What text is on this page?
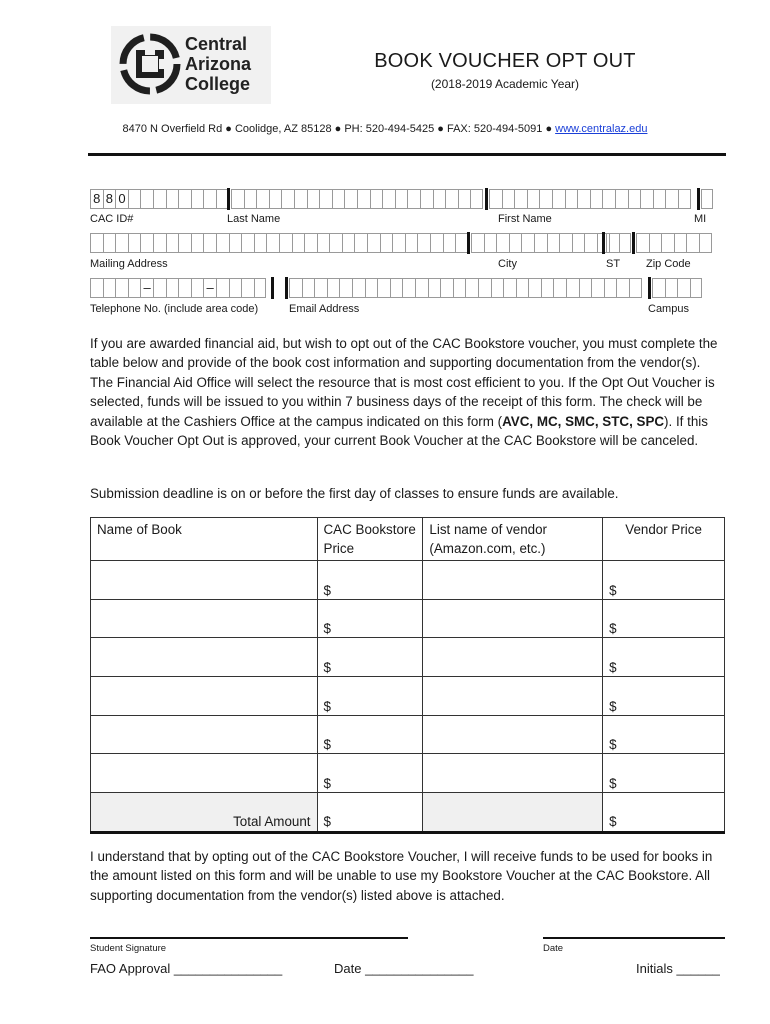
Central
Arizona
College
BOOK VOUCHER OPT OUT
(2018-2019 Academic Year)
8470 N Overfield Rd ● Coolidge, AZ 85128 ● PH: 520-494-5425 ● FAX: 520-494-5091 ● www.centralaz.edu
8 8 0
CAC ID#	Last Name	First Name	MI
Mailing Address	City	ST Zip Code
–	–
Telephone No. (include area code)	Email Address	Campus
If you are awarded financial aid, but wish to opt out of the CAC Bookstore voucher, you must complete the table below and provide of the book cost information and supporting documentation from the vendor(s). The Financial Aid Office will select the resource that is most cost efficient to you. If the Opt Out Voucher is selected, funds will be issued to you within 7 business days of the receipt of this form. The check will be available at the Cashiers Office at the campus indicated on this form (AVC, MC, SMC, STC, SPC). If this Book Voucher Opt Out is approved, your current Book Voucher at the CAC Bookstore will be canceled.
Submission deadline is on or before the first day of classes to ensure funds are available.
Name of Book	CAC Bookstore Price	List name of vendor (Amazon.com, etc.)	Vendor Price
	$		$
	$		$
	$		$
	$		$
	$		$
	$		$
Total Amount	$		$
I understand that by opting out of the CAC Bookstore Voucher, I will receive funds to be used for books in the amount listed on this form and will be unable to use my Bookstore Voucher at the CAC Bookstore. All supporting documentation from the vendor(s) listed above is attached.
Student Signature	Date
FAO Approval _______________	Date _______________	Initials ______
